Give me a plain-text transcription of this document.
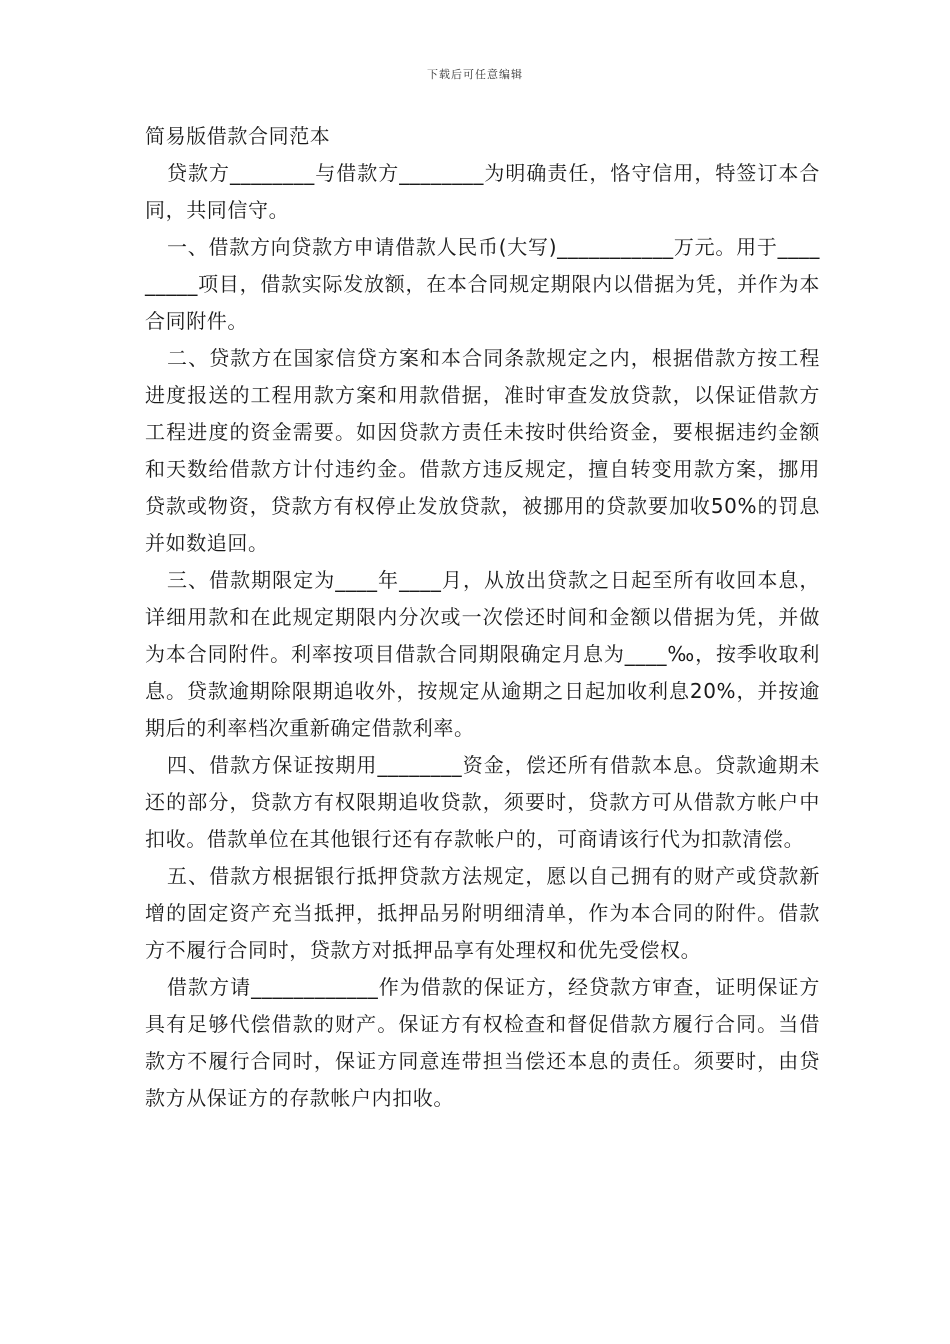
下载后可任意编辑

简易版借款合同范本

贷款方________与借款方________为明确责任，恪守信用，特签订本合同，共同信守。

一、借款方向贷款方申请借款人民币(大写)___________万元。用于_________项目，借款实际发放额，在本合同规定期限内以借据为凭，并作为本合同附件。

二、贷款方在国家信贷方案和本合同条款规定之内，根据借款方按工程进度报送的工程用款方案和用款借据，准时审查发放贷款，以保证借款方工程进度的资金需要。如因贷款方责任未按时供给资金，要根据违约金额和天数给借款方计付违约金。借款方违反规定，擅自转变用款方案，挪用贷款或物资，贷款方有权停止发放贷款，被挪用的贷款要加收50%的罚息并如数追回。

三、借款期限定为____年____月，从放出贷款之日起至所有收回本息，详细用款和在此规定期限内分次或一次偿还时间和金额以借据为凭，并做为本合同附件。利率按项目借款合同期限确定月息为____‰，按季收取利息。贷款逾期除限期追收外，按规定从逾期之日起加收利息20%，并按逾期后的利率档次重新确定借款利率。

四、借款方保证按期用________资金，偿还所有借款本息。贷款逾期未还的部分，贷款方有权限期追收贷款，须要时，贷款方可从借款方帐户中扣收。借款单位在其他银行还有存款帐户的，可商请该行代为扣款清偿。

五、借款方根据银行抵押贷款方法规定，愿以自己拥有的财产或贷款新增的固定资产充当抵押，抵押品另附明细清单，作为本合同的附件。借款方不履行合同时，贷款方对抵押品享有处理权和优先受偿权。

借款方请____________作为借款的保证方，经贷款方审查，证明保证方具有足够代偿借款的财产。保证方有权检查和督促借款方履行合同。当借款方不履行合同时，保证方同意连带担当偿还本息的责任。须要时，由贷款方从保证方的存款帐户内扣收。
